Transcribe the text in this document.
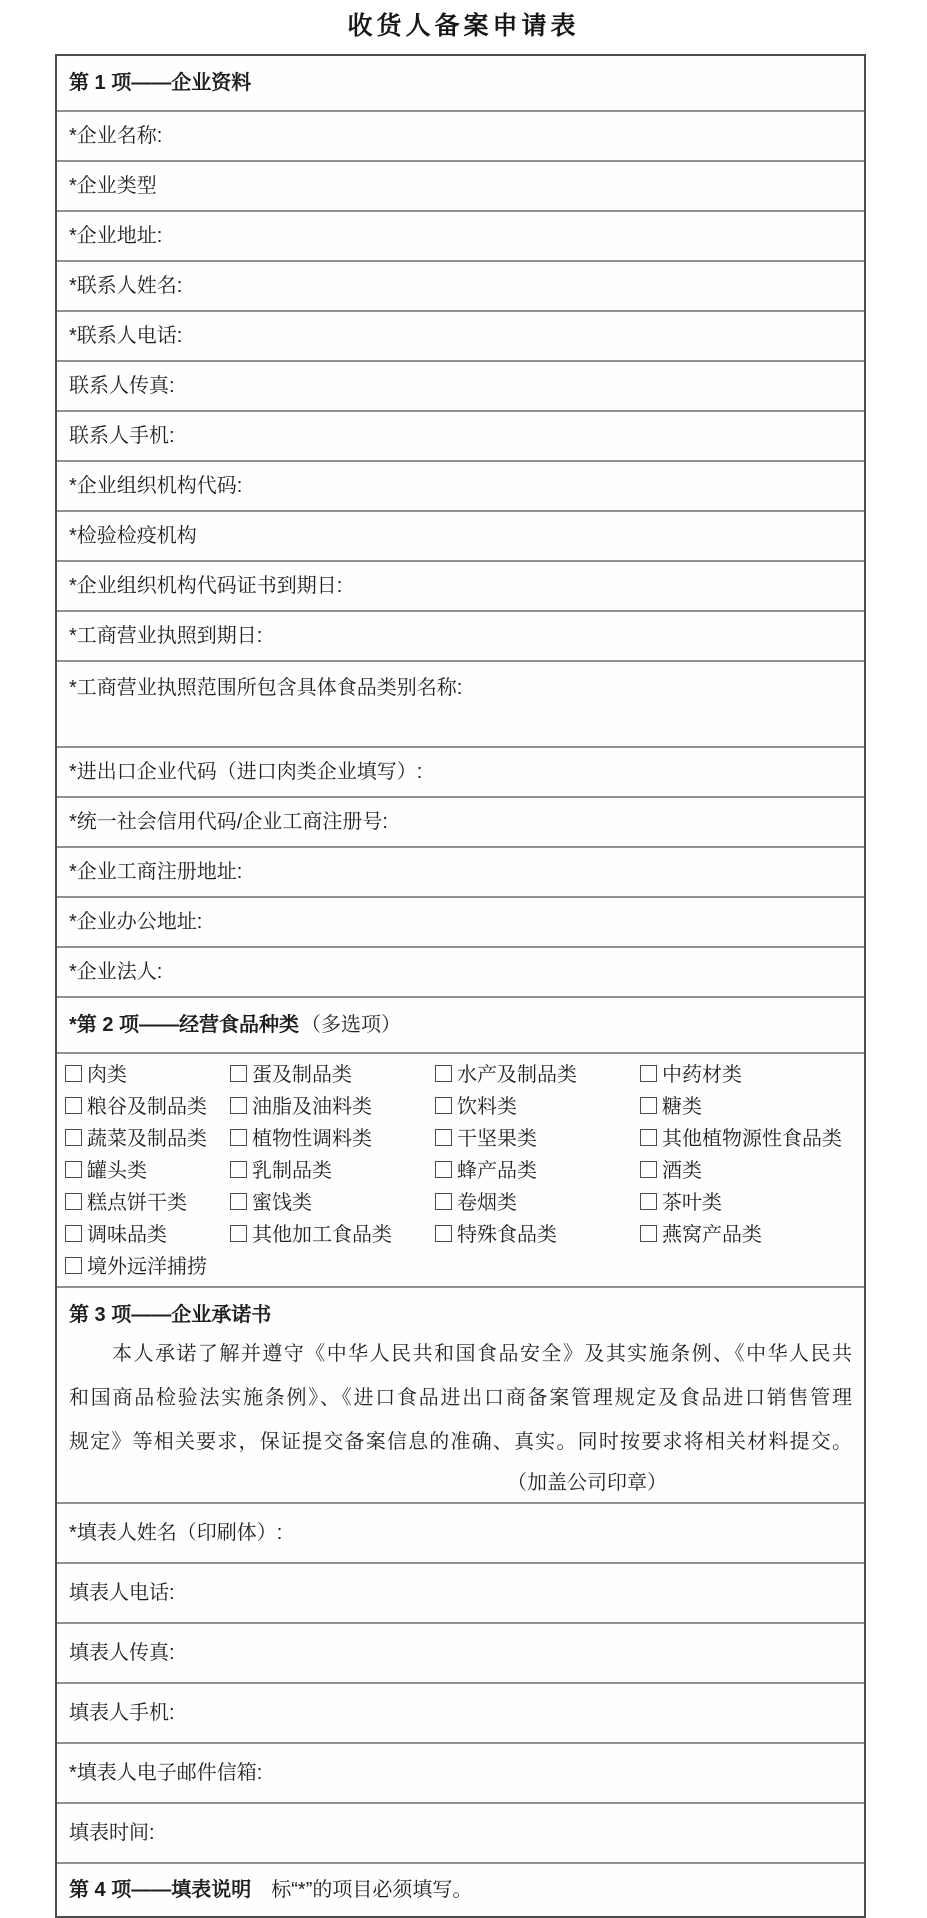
收货人备案申请表
第 1 项——企业资料
*企业名称:
*企业类型
*企业地址:
*联系人姓名:
*联系人电话:
联系人传真:
联系人手机:
*企业组织机构代码:
*检验检疫机构
*企业组织机构代码证书到期日:
*工商营业执照到期日:
*工商营业执照范围所包含具体食品类别名称:
*进出口企业代码（进口肉类企业填写）:
*统一社会信用代码/企业工商注册号:
*企业工商注册地址:
*企业办公地址:
*企业法人:
*第 2 项——经营食品种类 （多选项）
肉类	蛋及制品类	水产及制品类	中药材类
粮谷及制品类	油脂及油料类	饮料类	糖类
蔬菜及制品类	植物性调料类	干坚果类	其他植物源性食品类
罐头类	乳制品类	蜂产品类	酒类
糕点饼干类	蜜饯类	卷烟类	茶叶类
调味品类	其他加工食品类	特殊食品类	燕窝产品类
境外远洋捕捞
第 3 项——企业承诺书
本人承诺了解并遵守《中华人民共和国食品安全》及其实施条例、《中华人民共
和国商品检验法实施条例》、《进口食品进出口商备案管理规定及食品进口销售管理
规定》等相关要求，保证提交备案信息的准确、真实。同时按要求将相关材料提交。
（加盖公司印章）
*填表人姓名（印刷体）:
填表人电话:
填表人传真:
填表人手机:
*填表人电子邮件信箱:
填表时间:
第 4 项——填表说明 标“*”的项目必须填写。
